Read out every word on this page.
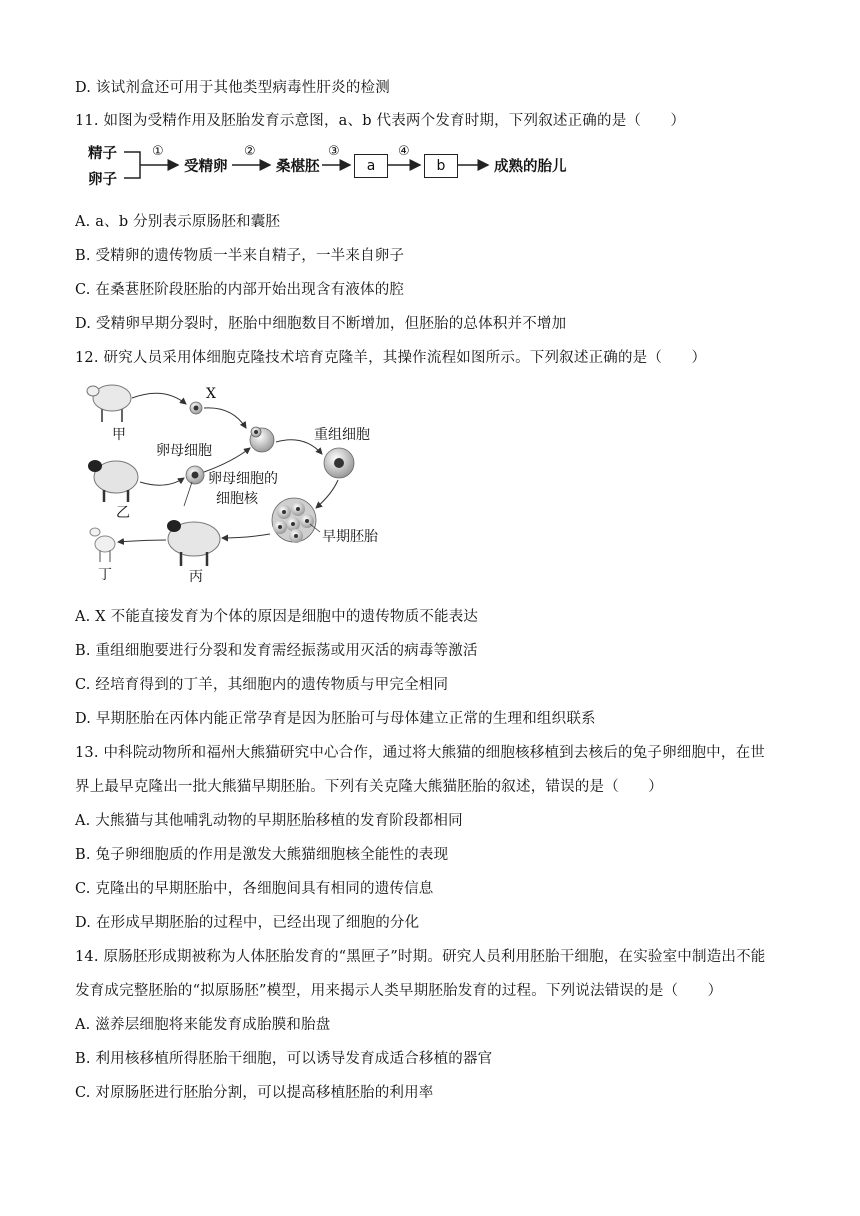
D. 该试剂盒还可用于其他类型病毒性肝炎的检测
11. 如图为受精作用及胚胎发育示意图，a、b 代表两个发育时期，下列叙述正确的是（　　）
A. a、b 分别表示原肠胚和囊胚
B. 受精卵的遗传物质一半来自精子，一半来自卵子
C. 在桑葚胚阶段胚胎的内部开始出现含有液体的腔
D. 受精卵早期分裂时，胚胎中细胞数目不断增加，但胚胎的总体积并不增加
12. 研究人员采用体细胞克隆技术培育克隆羊，其操作流程如图所示。下列叙述正确的是（　　）
A. X 不能直接发育为个体的原因是细胞中的遗传物质不能表达
B. 重组细胞要进行分裂和发育需经振荡或用灭活的病毒等激活
C. 经培育得到的丁羊，其细胞内的遗传物质与甲完全相同
D. 早期胚胎在丙体内能正常孕育是因为胚胎可与母体建立正常的生理和组织联系
13. 中科院动物所和福州大熊猫研究中心合作，通过将大熊猫的细胞核移植到去核后的兔子卵细胞中，在世
界上最早克隆出一批大熊猫早期胚胎。下列有关克隆大熊猫胚胎的叙述，错误的是（　　）
A. 大熊猫与其他哺乳动物的早期胚胎移植的发育阶段都相同
B. 兔子卵细胞质的作用是激发大熊猫细胞核全能性的表现
C. 克隆出的早期胚胎中，各细胞间具有相同的遗传信息
D. 在形成早期胚胎的过程中，已经出现了细胞的分化
14. 原肠胚形成期被称为人体胚胎发育的“黑匣子”时期。研究人员利用胚胎干细胞，在实验室中制造出不能
发育成完整胚胎的“拟原肠胚”模型，用来揭示人类早期胚胎发育的过程。下列说法错误的是（　　）
A. 滋养层细胞将来能发育成胎膜和胎盘
B. 利用核移植所得胚胎干细胞，可以诱导发育成适合移植的器官
C. 对原肠胚进行胚胎分割，可以提高移植胚胎的利用率
精子
卵子
①
受精卵
②
桑椹胚
③
a
④
b	成熟的胎儿
甲
乙
丙
丁
X
卵母细胞
卵母细胞的
细胞核
重组细胞
早期胚胎
